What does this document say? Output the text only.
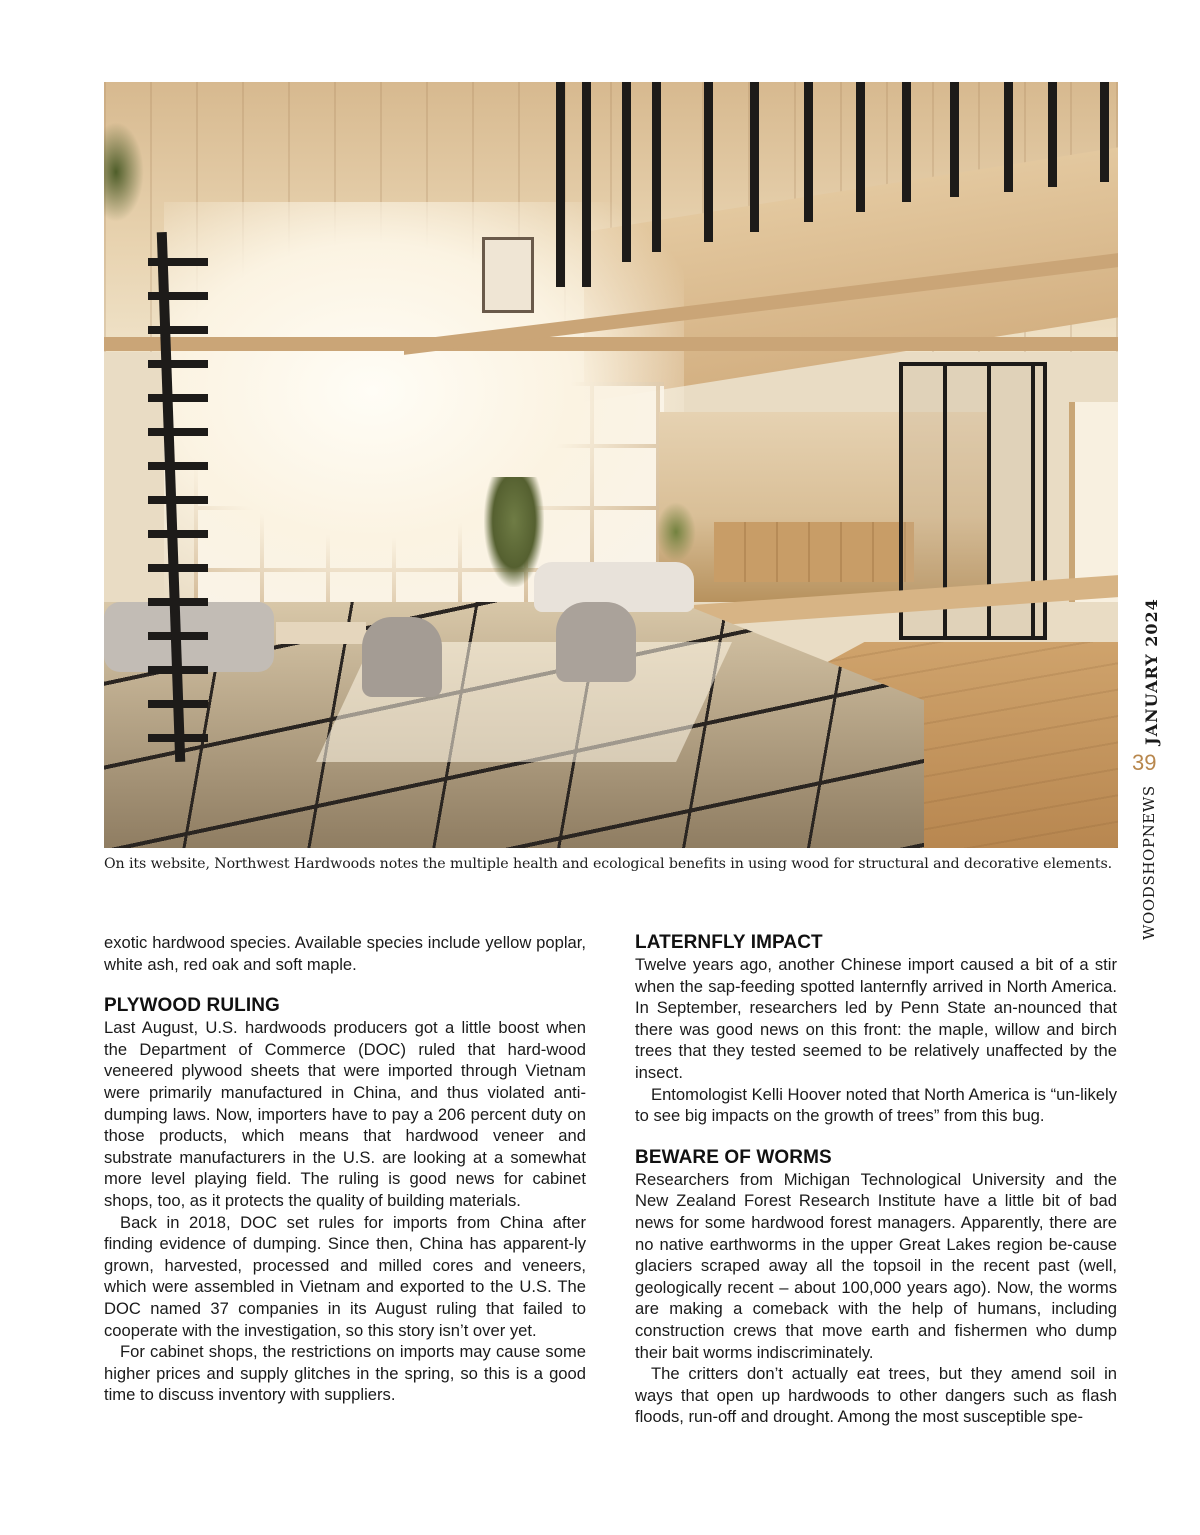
On its website, Northwest Hardwoods notes the multiple health and ecological benefits in using wood for structural and decorative elements.
JANUARY 2024
39
WOODSHOPNEWS

exotic hardwood species. Available species include yellow poplar, white ash, red oak and soft maple.

PLYWOOD RULING

Last August, U.S. hardwoods producers got a little boost when the Department of Commerce (DOC) ruled that hard-wood veneered plywood sheets that were imported through Vietnam were primarily manufactured in China, and thus violated anti-dumping laws. Now, importers have to pay a 206 percent duty on those products, which means that hardwood veneer and substrate manufacturers in the U.S. are looking at a somewhat more level playing field. The ruling is good news for cabinet shops, too, as it protects the quality of building materials.

Back in 2018, DOC set rules for imports from China after finding evidence of dumping. Since then, China has apparent-ly grown, harvested, processed and milled cores and veneers, which were assembled in Vietnam and exported to the U.S. The DOC named 37 companies in its August ruling that failed to cooperate with the investigation, so this story isn’t over yet.

For cabinet shops, the restrictions on imports may cause some higher prices and supply glitches in the spring, so this is a good time to discuss inventory with suppliers.

LATERNFLY IMPACT

Twelve years ago, another Chinese import caused a bit of a stir when the sap-feeding spotted lanternfly arrived in North America. In September, researchers led by Penn State an-nounced that there was good news on this front: the maple, willow and birch trees that they tested seemed to be relatively unaffected by the insect.

Entomologist Kelli Hoover noted that North America is “un-likely to see big impacts on the growth of trees” from this bug.

BEWARE OF WORMS

Researchers from Michigan Technological University and the New Zealand Forest Research Institute have a little bit of bad news for some hardwood forest managers. Apparently, there are no native earthworms in the upper Great Lakes region be-cause glaciers scraped away all the topsoil in the recent past (well, geologically recent – about 100,000 years ago). Now, the worms are making a comeback with the help of humans, including construction crews that move earth and fishermen who dump their bait worms indiscriminately.

The critters don’t actually eat trees, but they amend soil in ways that open up hardwoods to other dangers such as flash floods, run-off and drought. Among the most susceptible spe-
